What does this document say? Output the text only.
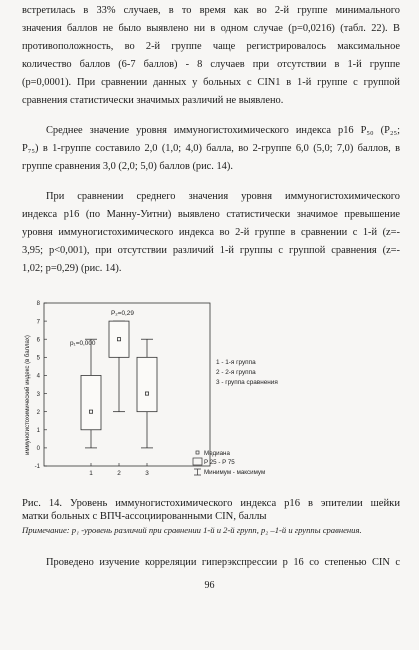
встретилась в 33% случаев, в то время как во 2-й группе минимального
значения баллов не было выявлено ни в одном случае (p=0,0216) (табл. 22). В
противоположность, во 2-й группе чаще регистрировалось максимальное
количество баллов (6-7 баллов) - 8 случаев при отсутствии в 1-й группе
(p=0,0001). При сравнении данных у больных с CIN1 в 1-й группе с группой
сравнения статистически значимых различий не выявлено.
Среднее значение уровня иммуногистохимического индекса p16 P₅₀ (P₂₅;
P₇₅) в 1-группе составило 2,0 (1,0; 4,0) балла, во 2-группе 6,0 (5,0; 7,0) баллов, в
группе сравнения 3,0 (2,0; 5,0) баллов (рис. 14).
При сравнении среднего значения уровня иммуногистохимического
индекса p16 (по Манну-Уитни) выявлено статистически значимое превышение
уровня иммуногистохимического индекса во 2-й группе в сравнении с 1-й (z=-
3,95; p<0,001), при отсутствии различий 1-й группы с группой сравнения (z=-
1,02; p=0,29) (рис. 14).
иммуногистохимический индекс (в баллах)
-1
0
1
2
3
4
5
6
7
8
1	2	3
p₁=0,000
P₂=0,29
1 - 1-я группа
2 - 2-я группа
3 - группа сравнения
Медиана
P 25 - P 75
Минимум - максимум
Рис. 14. Уровень иммуногистохимического индекса p16 в эпителии шейки
матки больных с ВПЧ-ассоциированными CIN, баллы
Примечание: p₁ -уровень различий при сравнении 1-й и 2-й групп, p₂ –1-й и группы сравнения.
Проведено изучение корреляции гиперэкспрессии p 16 со степенью CIN с
96
